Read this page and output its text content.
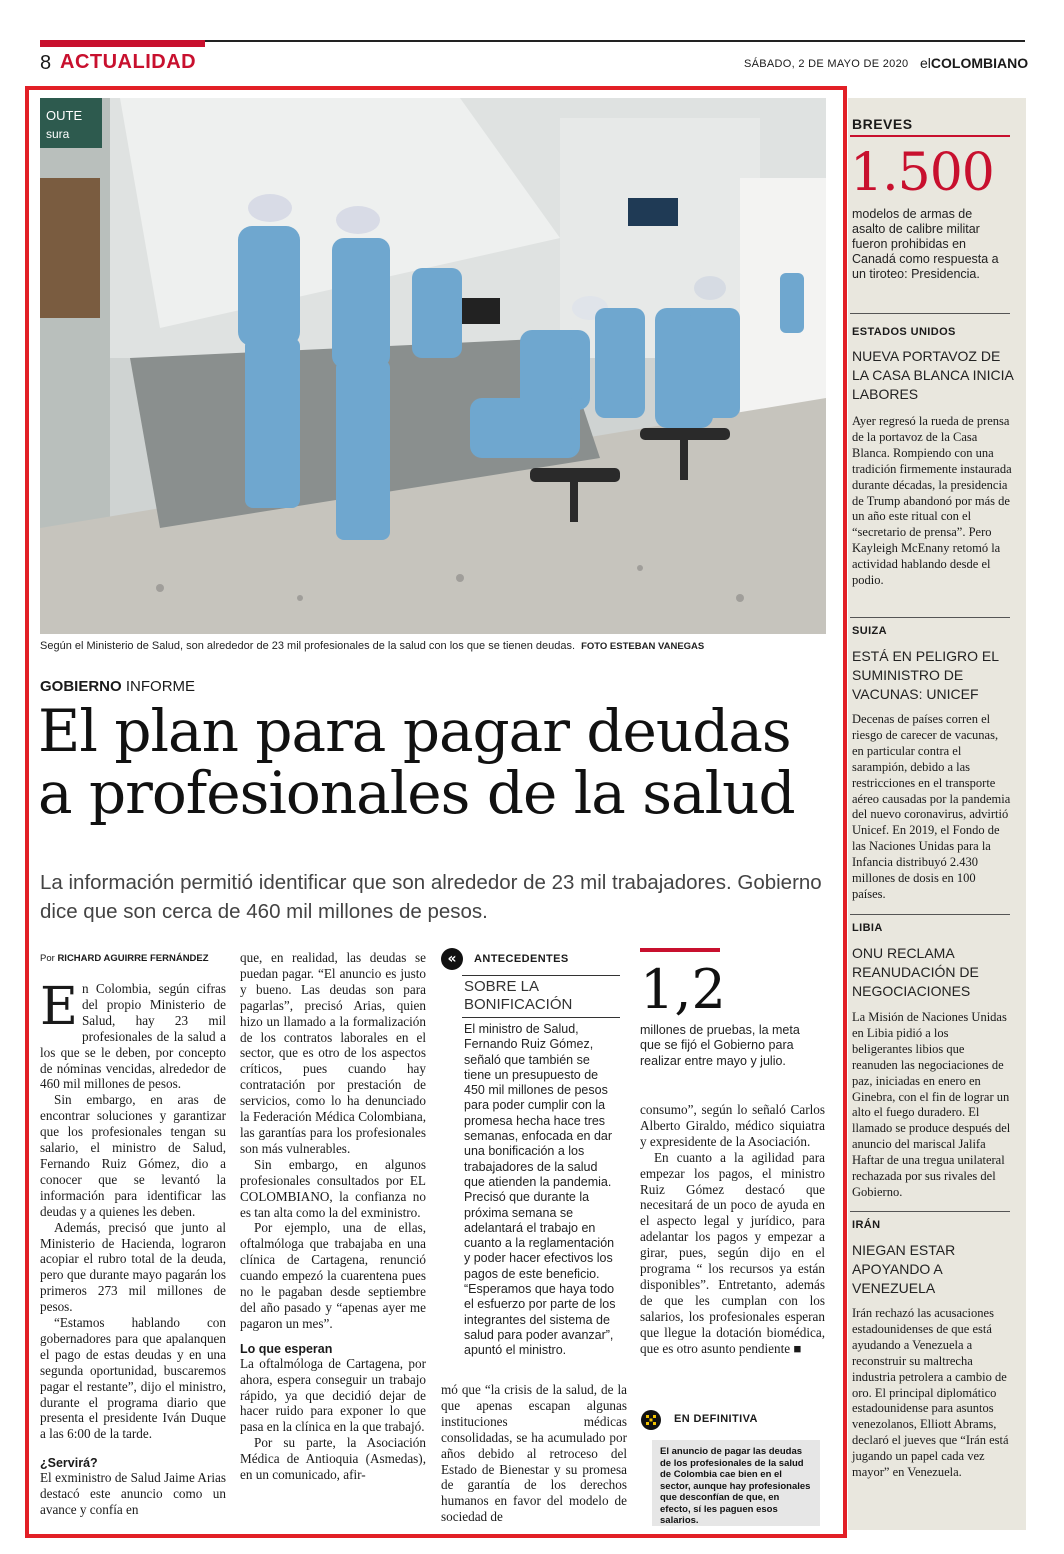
8 ACTUALIDAD	SÁBADO, 2 DE MAYO DE 2020 elCOLOMBIANO
OUTE
sura
Según el Ministerio de Salud, son alrededor de 23 mil profesionales de la salud con los que se tienen deudas. FOTO ESTEBAN VANEGAS
GOBIERNO INFORME
El plan para pagar deudas
a profesionales de la salud
La información permitió identificar que son alrededor de 23 mil trabajadores. Gobierno dice que son cerca de 460 mil millones de pesos.
Por RICHARD AGUIRRE FERNÁNDEZ

En Colombia, según cifras del propio Ministerio de Salud, hay 23 mil profesionales de la salud a los que se le deben, por concepto de nóminas vencidas, alrededor de 460 mil millones de pesos.

Sin embargo, en aras de encontrar soluciones y garantizar que los profesionales tengan su salario, el ministro de Salud, Fernando Ruiz Gómez, dio a conocer que se levantó la información para identificar las deudas y a quienes les deben.

Además, precisó que junto al Ministerio de Hacienda, lograron acopiar el rubro total de la deuda, pero que durante mayo pagarán los primeros 273 mil millones de pesos.

“Estamos hablando con gobernadores para que apalanquen el pago de estas deudas y en una segunda oportunidad, buscaremos pagar el restante”, dijo el ministro, durante el programa diario que presenta el presidente Iván Duque a las 6:00 de la tarde.

¿Servirá?

El exministro de Salud Jaime Arias destacó este anuncio como un avance y confía en

que, en realidad, las deudas se puedan pagar. “El anuncio es justo y bueno. Las deudas son para pagarlas”, precisó Arias, quien hizo un llamado a la formalización de los contratos laborales en el sector, que es otro de los aspectos críticos, pues cuando hay contratación por prestación de servicios, como lo ha denunciado la Federación Médica Colombiana, las garantías para los profesionales son más vulnerables.

Sin embargo, en algunos profesionales consultados por EL COLOMBIANO, la confianza no es tan alta como la del exministro.

Por ejemplo, una de ellas, oftalmóloga que trabajaba en una clínica de Cartagena, renunció cuando empezó la cuarentena pues no le pagaban desde septiembre del año pasado y “apenas ayer me pagaron un mes”.

Lo que esperan

La oftalmóloga de Cartagena, por ahora, espera conseguir un trabajo rápido, ya que decidió dejar de hacer ruido para exponer lo que pasa en la clínica en la que trabajó.

Por su parte, la Asociación Médica de Antioquia (Asmedas), en un comunicado, afir-

«	ANTECEDENTES
SOBRE LA BONIFICACIÓN
El ministro de Salud, Fernando Ruiz Gómez, señaló que también se tiene un presupuesto de 450 mil millones de pesos para poder cumplir con la promesa hecha hace tres semanas, enfocada en dar una bonificación a los trabajadores de la salud que atienden la pandemia. Precisó que durante la próxima semana se adelantará el trabajo en cuanto a la reglamentación y poder hacer efectivos los pagos de este beneficio. “Esperamos que haya todo el esfuerzo por parte de los integrantes del sistema de salud para poder avanzar”, apuntó el ministro.

mó que “la crisis de la salud, de la que apenas escapan algunas instituciones médicas consolidadas, se ha acumulado por años debido al retroceso del Estado de Bienestar y su promesa de garantía de los derechos humanos en favor del modelo de sociedad de

1,2
millones de pruebas, la meta que se fijó el Gobierno para realizar entre mayo y julio.

consumo”, según lo señaló Carlos Alberto Giraldo, médico siquiatra y expresidente de la Asociación.

En cuanto a la agilidad para empezar los pagos, el ministro Ruiz Gómez destacó que necesitará de un poco de ayuda en el aspecto legal y jurídico, para adelantar los pagos y empezar a girar, pues, según dijo en el programa “ los recursos ya están disponibles”. Entretanto, además de que les cumplan con los salarios, los profesionales esperan que llegue la dotación biomédica, que es otro asunto pendiente ■

EN DEFINITIVA
El anuncio de pagar las deudas de los profesionales de la salud de Colombia cae bien en el sector, aunque hay profesionales que desconfían de que, en efecto, sí les paguen esos salarios.
BREVES
1.500
modelos de armas de asalto de calibre militar fueron prohibidas en Canadá como respuesta a un tiroteo: Presidencia.
ESTADOS UNIDOS
NUEVA PORTAVOZ DE LA CASA BLANCA INICIA LABORES
Ayer regresó la rueda de prensa de la portavoz de la Casa Blanca. Rompiendo con una tradición firmemente instaurada durante décadas, la presidencia de Trump abandonó por más de un año este ritual con el “secretario de prensa”. Pero Kayleigh McEnany retomó la actividad hablando desde el podio.
SUIZA
ESTÁ EN PELIGRO EL SUMINISTRO DE VACUNAS: UNICEF
Decenas de países corren el riesgo de carecer de vacunas, en particular contra el sarampión, debido a las restricciones en el transporte aéreo causadas por la pandemia del nuevo coronavirus, advirtió Unicef. En 2019, el Fondo de las Naciones Unidas para la Infancia distribuyó 2.430 millones de dosis en 100 países.
LIBIA
ONU RECLAMA REANUDACIÓN DE NEGOCIACIONES
La Misión de Naciones Unidas en Libia pidió a los beligerantes libios que reanuden las negociaciones de paz, iniciadas en enero en Ginebra, con el fin de lograr un alto el fuego duradero. El llamado se produce después del anuncio del mariscal Jalifa Haftar de una tregua unilateral rechazada por sus rivales del Gobierno.
IRÁN
NIEGAN ESTAR APOYANDO A VENEZUELA
Irán rechazó las acusaciones estadounidenses de que está ayudando a Venezuela a reconstruir su maltrecha industria petrolera a cambio de oro. El principal diplomático estadounidense para asuntos venezolanos, Elliott Abrams, declaró el jueves que “Irán está jugando un papel cada vez mayor” en Venezuela.
